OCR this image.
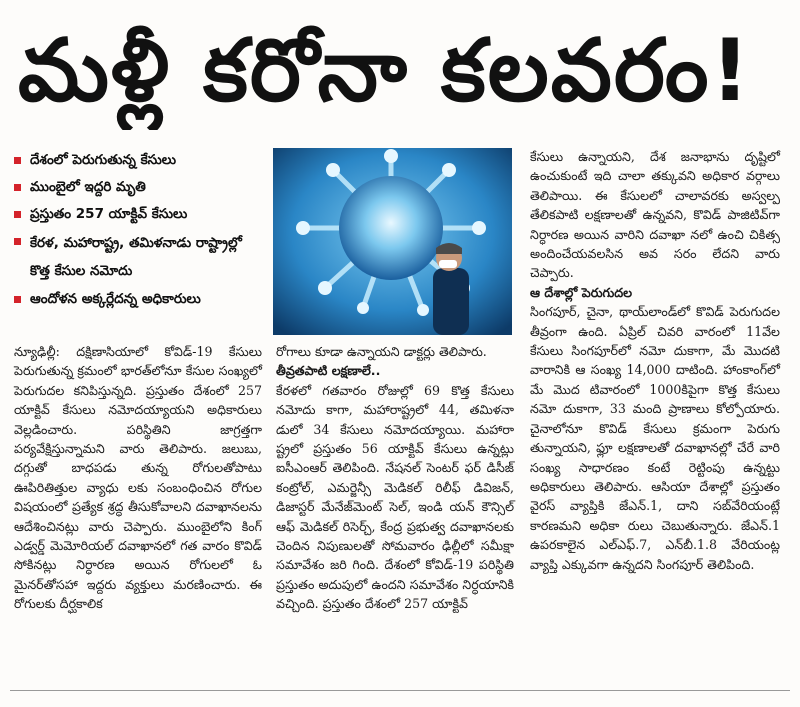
మళ్లీ కరోనా కలవరం!
దేశంలో పెరుగుతున్న కేసులు
ముంబైలో ఇద్దరి మృతి
ప్రస్తుతం 257 యాక్టివ్ కేసులు
కేరళ, మహారాష్ట్ర, తమిళనాడు రాష్ట్రాల్లో కొత్త కేసుల నమోదు
ఆందోళన అక్కర్లేదన్న అధికారులు

న్యూఢిల్లీ: దక్షిణాసియాలో కోవిడ్-19 కేసులు పెరుగుతున్న క్రమంలో భారత్‌లోనూ కేసుల సంఖ్యలో పెరుగుదల కనిపిస్తున్నది. ప్రస్తుతం దేశంలో 257 యాక్టివ్ కేసులు నమోదయ్యాయని అధికారులు వెల్లడించారు. పరిస్థితిని జాగ్రత్తగా పర్యవేక్షిస్తున్నామని వారు తెలిపారు. జలుబు, దగ్గుతో బాధపడు తున్న రోగులతోపాటు ఊపిరితిత్తుల వ్యాధు లకు సంబంధించిన రోగుల విషయంలో ప్రత్యేక శ్రద్ధ తీసుకోవాలని దవాఖానలను ఆదేశించినట్లు వారు చెప్పారు. ముంబైలోని కింగ్ ఎడ్వర్డ్ మెమోరియల్ దవాఖానలో గత వారం కొవిడ్ సోకినట్లు నిర్ధారణ అయిన రోగులలో ఓ మైనర్‌తోసహా ఇద్దరు వ్యక్తులు మరణించారు. ఈ రోగులకు దీర్ఘకాలిక

రోగాలు కూడా ఉన్నాయని డాక్టర్లు తెలిపారు.

తీవ్రతపాటి లక్షణాలే..

కేరళలో గతవారం రోజుల్లో 69 కొత్త కేసులు నమోదు కాగా, మహారాష్ట్రలో 44, తమిళనా డులో 34 కేసులు నమోదయ్యాయి. మహారా ష్ట్రలో ప్రస్తుతం 56 యాక్టివ్ కేసులు ఉన్నట్లు ఐసీఎంఆర్ తెలిపింది. నేషనల్ సెంటర్ ఫర్ డిసీజ్ కంట్రోల్, ఎమర్జెన్సీ మెడికల్ రిలీఫ్ డివిజన్, డిజాస్టర్ మేనేజ్‌మెంట్ సెల్, ఇండి యన్ కౌన్సిల్ ఆఫ్ మెడికల్ రిసెర్చ్, కేంద్ర ప్రభుత్వ దవాఖానలకు చెందిన నిపుణులతో సోమవారం ఢిల్లీలో సమీక్షా సమావేశం జరి గింది. దేశంలో కోవిడ్-19 పరిస్థితి ప్రస్తుతం అదుపులో ఉందని సమావేశం నిర్ధయానికి వచ్చింది. ప్రస్తుతం దేశంలో 257 యాక్టివ్

కేసులు ఉన్నాయని, దేశ జనాభాను దృష్టిలో ఉంచుకుంటే ఇది చాలా తక్కువని అధికార వర్గాలు తెలిపాయి. ఈ కేసులలో చాలావరకు అస్వల్ప తేలికపాటి లక్షణాలతో ఉన్నవని, కొవిడ్ పాజిటివ్‌గా నిర్ధారణ అయిన వారిని దవాఖా నలో ఉంచి చికిత్స అందించేయవలసిన అవ సరం లేదని వారు చెప్పారు.

ఆ దేశాల్లో పెరుగుదల

సింగపూర్, చైనా, థాయ్‌లాండ్‌లో కొవిడ్ పెరుగుదల తీవ్రంగా ఉంది. ఏప్రిల్ చివరి వారంలో 11వేల కేసులు సింగపూర్‌లో నమో దుకాగా, మే మొదటి వారానికి ఆ సంఖ్య 14,000 దాటింది. హాంకాంగ్‌లో మే మొద టివారంలో 1000కిపైగా కొత్త కేసులు నమో దుకాగా, 33 మంది ప్రాణాలు కోల్పోయారు. చైనాలోనూ కొవిడ్ కేసులు క్రమంగా పెరుగు తున్నాయని, ఫ్లూ లక్షణాలతో దవాఖానల్లో చేరే వారి సంఖ్య సాధారణం కంటే రెట్టింపు ఉన్నట్టు అధికారులు తెలిపారు. ఆసియా దేశాల్లో ప్రస్తుతం వైరస్ వ్యాప్తికి జేఎన్.1, దాని సబ్‌వేరియంట్లే కారణమని అధికా రులు చెబుతున్నారు. జేఎన్.1 ఉపరకాలైన ఎల్ఎఫ్.7, ఎన్‌బీ.1.8 వేరియంట్ల వ్యాప్తి ఎక్కువగా ఉన్నదని సింగపూర్ తెలిపింది.
